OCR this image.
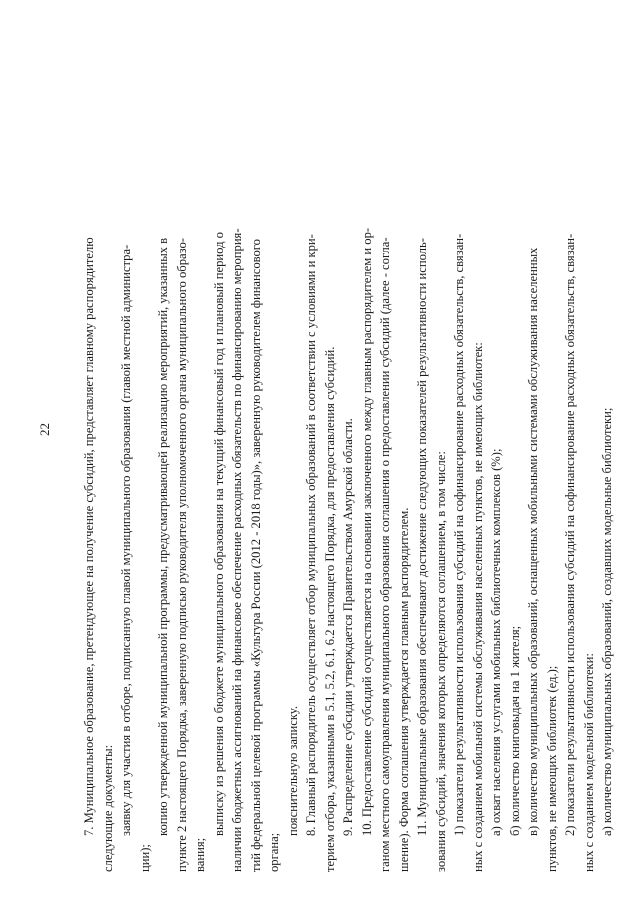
22 7. Муниципальное образование, претендующее на получение субсидий, представляет главному распорядителю следующие документы: заявку для участия в отборе, подписанную главой муниципального образования (главой местной администра-

ции);

копию утвержденной муниципальной программы, предусматривающей реализацию мероприятий, указанных в пункте 2 настоящего Порядка, заверенную подписью руководителя уполномоченного органа муниципального образо- вания;

выписку из решения о бюджете муниципального образования на текущий финансовый год и плановый период о наличии бюджетных ассигнований на финансовое обеспечение расходных обязательств по финансированию мероприя- тий федеральной целевой программы «Культура России (2012 - 2018 годы)», заверенную руководителем финансового органа;

пояснительную записку. 8. Главный распорядитель осуществляет отбор муниципальных образований в соответствии с условиями и кри- терием отбора, указанными в 5.1, 5.2, 6.1, 6.2 настоящего Порядка, для предоставления субсидий. 9. Распределение субсидии утверждается Правительством Амурской области. 10. Предоставление субсидий осуществляется на основании заключенного между главным распорядителем и ор- ганом местного самоуправления муниципального образования соглашения о предоставлении субсидий (далее - согла- шение). Форма соглашения утверждается главным распорядителем. 11. Муниципальные образования обеспечивают достижение следующих показателей результативности исполь- зования субсидий, значения которых определяются соглашением, в том числе: 1) показатели результативности использования субсидий на софинансирование расходных обязательств, связан- ных с созданием мобильной системы обслуживания населенных пунктов, не имеющих библиотек: а) охват населения услугами мобильных библиотечных комплексов (%); б) количество книговыдач на 1 жителя; в) количество муниципальных образований, оснащенных мобильными системами обслуживания населенных пунктов, не имеющих библиотек (ед.); 2) показатели результативности использования субсидий на софинансирование расходных обязательств, связан- ных с созданием модельной библиотеки: а) количество муниципальных образований, создавших модельные библиотеки;
